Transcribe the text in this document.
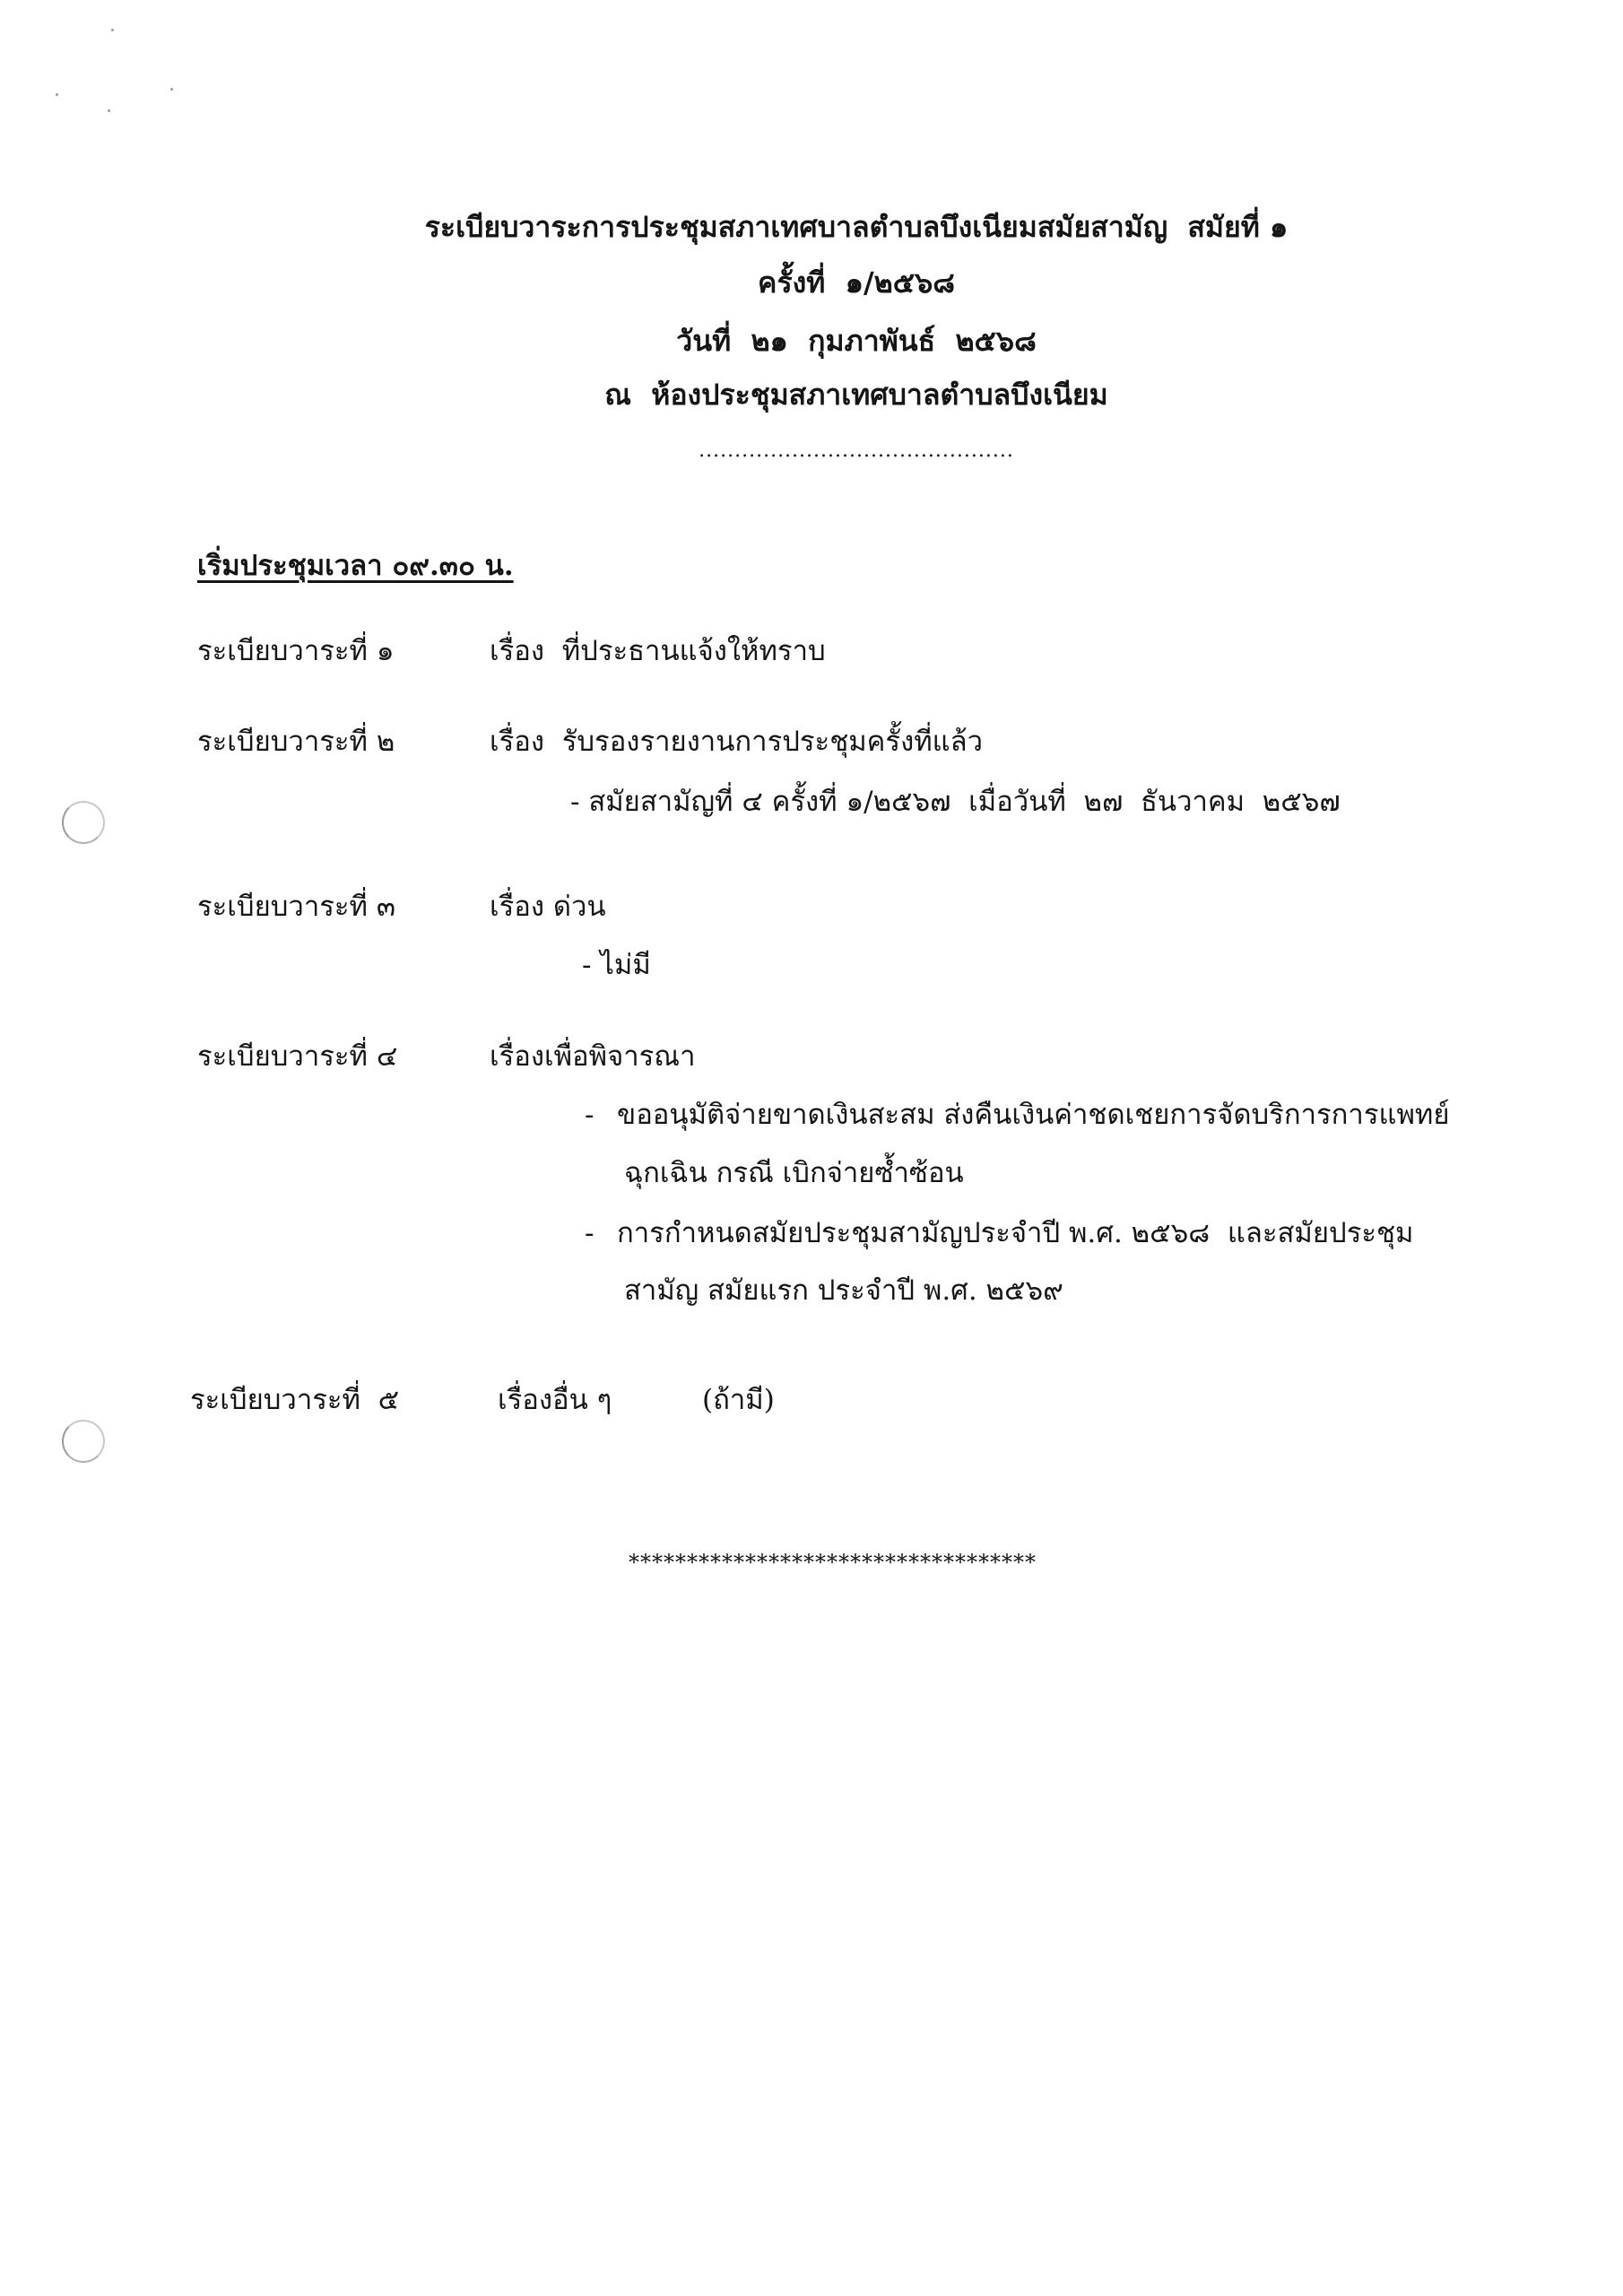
ระเบียบวาระการประชุมสภาเทศบาลตำบลบึงเนียมสมัยสามัญ  สมัยที่ ๑
ครั้งที่  ๑/๒๕๖๘
วันที่  ๒๑  กุมภาพันธ์  ๒๕๖๘
ณ  ห้องประชุมสภาเทศบาลตำบลบึงเนียม
............................................
เริ่มประชุมเวลา ๐๙.๓๐ น.
ระเบียบวาระที่ ๑	เรื่อง  ที่ประธานแจ้งให้ทราบ
ระเบียบวาระที่ ๒	เรื่อง  รับรองรายงานการประชุมครั้งที่แล้ว
- สมัยสามัญที่ ๔ ครั้งที่ ๑/๒๕๖๗  เมื่อวันที่  ๒๗  ธันวาคม  ๒๕๖๗
ระเบียบวาระที่ ๓	เรื่อง ด่วน
- ไม่มี
ระเบียบวาระที่ ๔	เรื่องเพื่อพิจารณา
- ขออนุมัติจ่ายขาดเงินสะสม ส่งคืนเงินค่าชดเชยการจัดบริการการแพทย์
ฉุกเฉิน กรณี เบิกจ่ายซ้ำซ้อน
- การกำหนดสมัยประชุมสามัญประจำปี พ.ศ. ๒๕๖๘  และสมัยประชุม
สามัญ สมัยแรก ประจำปี พ.ศ. ๒๕๖๙
ระเบียบวาระที่  ๕	เรื่องอื่น ๆ	(ถ้ามี)
***********************************
